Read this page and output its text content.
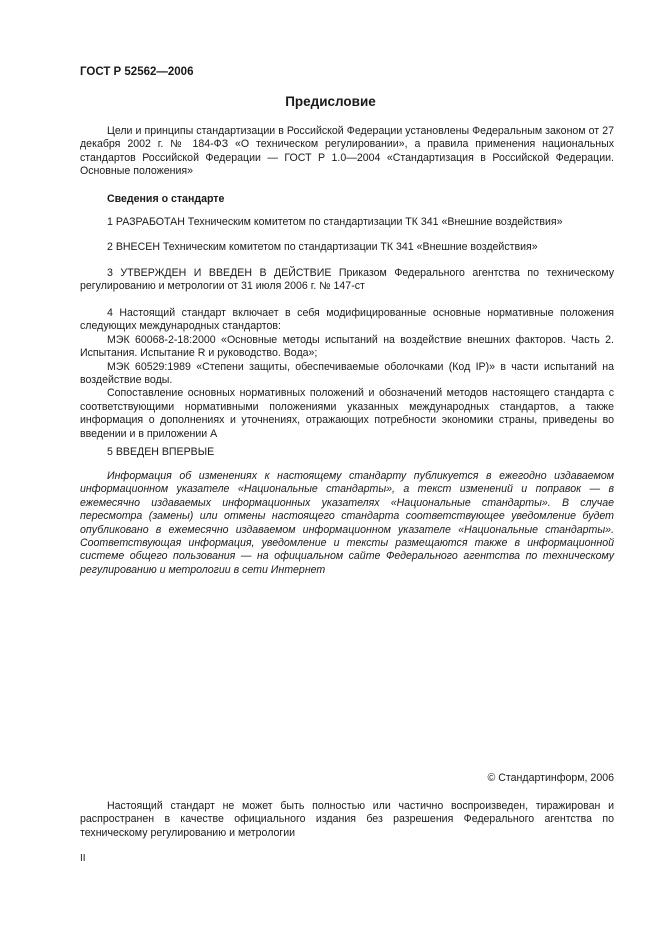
ГОСТ Р 52562—2006
Предисловие

Цели и принципы стандартизации в Российской Федерации установлены Федеральным законом от 27 декабря 2002 г. № 184-ФЗ «О техническом регулировании», а правила применения национальных стандартов Российской Федерации — ГОСТ Р 1.0—2004 «Стандартизация в Российской Федерации. Основные положения»

Сведения о стандарте

1 РАЗРАБОТАН Техническим комитетом по стандартизации ТК 341 «Внешние воздействия»

2 ВНЕСЕН Техническим комитетом по стандартизации ТК 341 «Внешние воздействия»

3 УТВЕРЖДЕН И ВВЕДЕН В ДЕЙСТВИЕ Приказом Федерального агентства по техническому регулированию и метрологии от 31 июля 2006 г. № 147-ст

4 Настоящий стандарт включает в себя модифицированные основные нормативные положения следующих международных стандартов:

МЭК 60068-2-18:2000 «Основные методы испытаний на воздействие внешних факторов. Часть 2. Испытания. Испытание R и руководство. Вода»;

МЭК 60529:1989 «Степени защиты, обеспечиваемые оболочками (Код IP)» в части испытаний на воздействие воды.

Сопоставление основных нормативных положений и обозначений методов настоящего стандарта с соответствующими нормативными положениями указанных международных стандартов, а также информация о дополнениях и уточнениях, отражающих потребности экономики страны, приведены во введении и в приложении А

5 ВВЕДЕН ВПЕРВЫЕ

Информация об изменениях к настоящему стандарту публикуется в ежегодно издаваемом информационном указателе «Национальные стандарты», а текст изменений и поправок — в ежемесячно издаваемых информационных указателях «Национальные стандарты». В случае пересмотра (замены) или отмены настоящего стандарта соответствующее уведомление будет опубликовано в ежемесячно издаваемом информационном указателе «Национальные стандарты». Соответствующая информация, уведомление и тексты размещаются также в информационной системе общего пользования — на официальном сайте Федерального агентства по техническому регулированию и метрологии в сети Интернет

© Стандартинформ, 2006

Настоящий стандарт не может быть полностью или частично воспроизведен, тиражирован и распространен в качестве официального издания без разрешения Федерального агентства по техническому регулированию и метрологии

II
